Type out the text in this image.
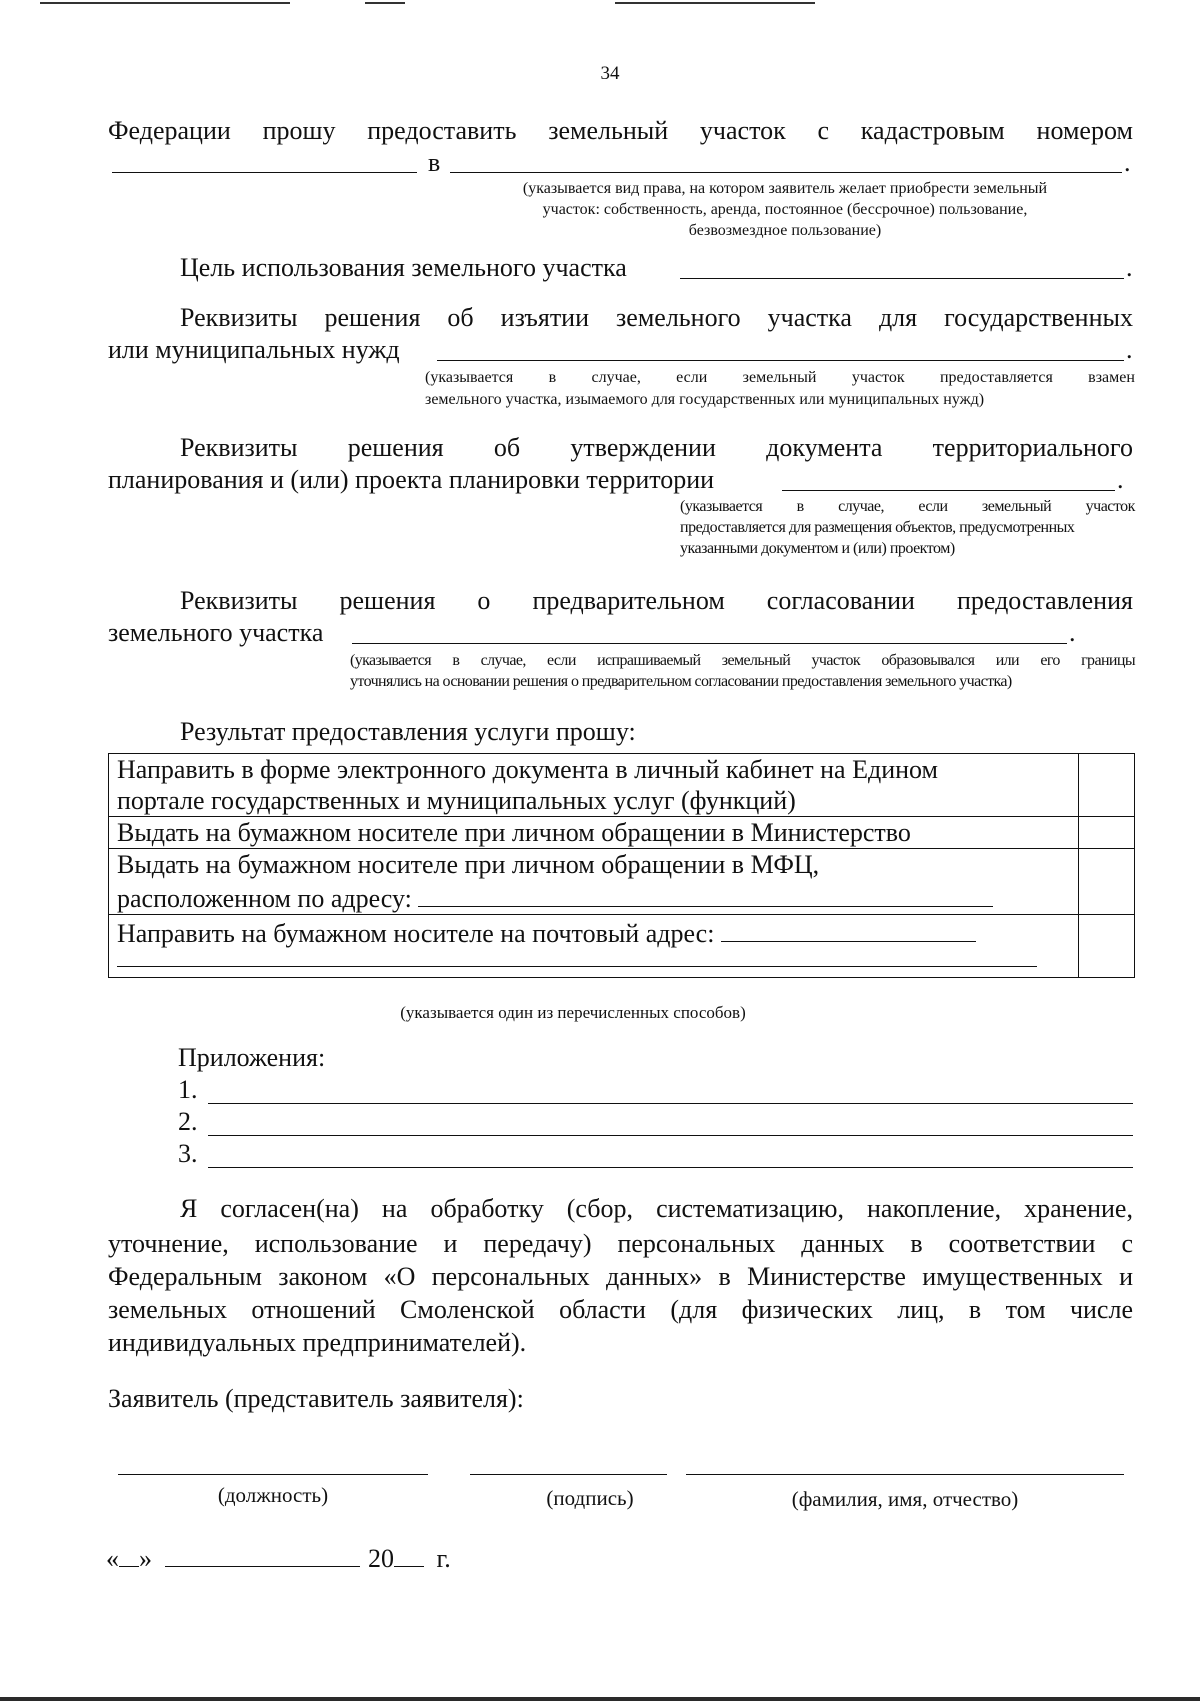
34
Федерации прошу предоставить земельный участок с кадастровым номером
в	.
(указывается вид права, на котором заявитель желает приобрести земельный
участок: собственность, аренда, постоянное (бессрочное) пользование,
безвозмездное пользование)
Цель использования земельного участка	.
Реквизиты решения об изъятии земельного участка для государственных
или муниципальных нужд	.
(указывается в случае, если земельный участок предоставляется взамен
земельного участка, изымаемого для государственных или муниципальных нужд)
Реквизиты решения об утверждении документа территориального
планирования и (или) проекта планировки территории	.
(указывается в случае, если земельный участок
предоставляется для размещения объектов, предусмотренных
указанными документом и (или) проектом)
Реквизиты решения о предварительном согласовании предоставления
земельного участка	.
(указывается в случае, если испрашиваемый земельный участок образовывался или его границы
уточнялись на основании решения о предварительном согласовании предоставления земельного участка)
Результат предоставления услуги прошу:
Направить в форме электронного документа в личный кабинет на Едином
портале государственных и муниципальных услуг (функций)	

Выдать на бумажном носителе при личном обращении в Министерство	

Выдать на бумажном носителе при личном обращении в МФЦ,
расположенном по адресу:	

Направить на бумажном носителе на почтовый адрес:	

(указывается один из перечисленных способов)
Приложения:
1.
2.
3.
Я согласен(на) на обработку (сбор, систематизацию, накопление, хранение,
уточнение, использование и передачу) персональных данных в соответствии с
Федеральным законом «О персональных данных» в Министерстве имущественных и
земельных отношений Смоленской области (для физических лиц, в том числе
индивидуальных предпринимателей).
Заявитель (представитель заявителя):
(должность)	(подпись)	(фамилия, имя, отчество)
« »	20 г.
